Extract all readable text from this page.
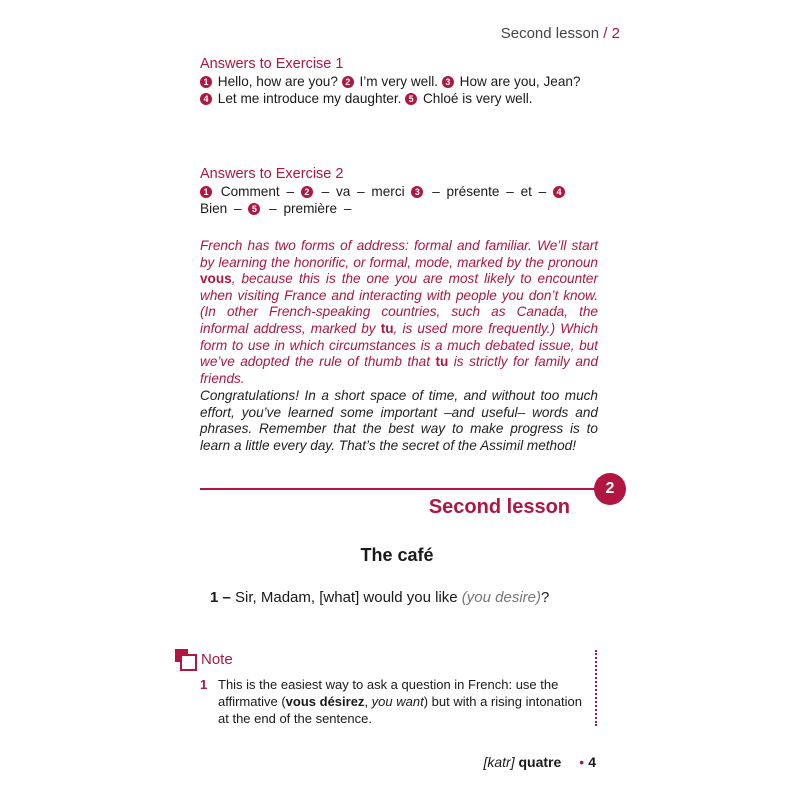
Second lesson / 2
Answers to Exercise 1
1 Hello, how are you? 2 I’m very well. 3 How are you, Jean? 4 Let me introduce my daughter. 5 Chloé is very well.
Answers to Exercise 2
1 Comment – 2 – va – merci 3 – présente – et – 4 Bien – 5 – première –
French has two forms of address: formal and familiar. We’ll start by learning the honorific, or formal, mode, marked by the pronoun vous, because this is the one you are most likely to encounter when visiting France and interacting with people you don’t know. (In other French-speaking countries, such as Canada, the informal address, marked by tu, is used more frequently.) Which form to use in which circumstances is a much debated issue, but we’ve adopted the rule of thumb that tu is strictly for family and friends.
Congratulations! In a short space of time, and without too much effort, you’ve learned some important –and useful– words and phrases. Remember that the best way to make progress is to learn a little every day. That’s the secret of the Assimil method!
2
Second lesson
The café
1 – Sir, Madam, [what] would you like (you desire)?
Note
1 This is the easiest way to ask a question in French: use the affirmative (vous désirez, you want) but with a rising intonation at the end of the sentence.
[katr] quatre • 4
